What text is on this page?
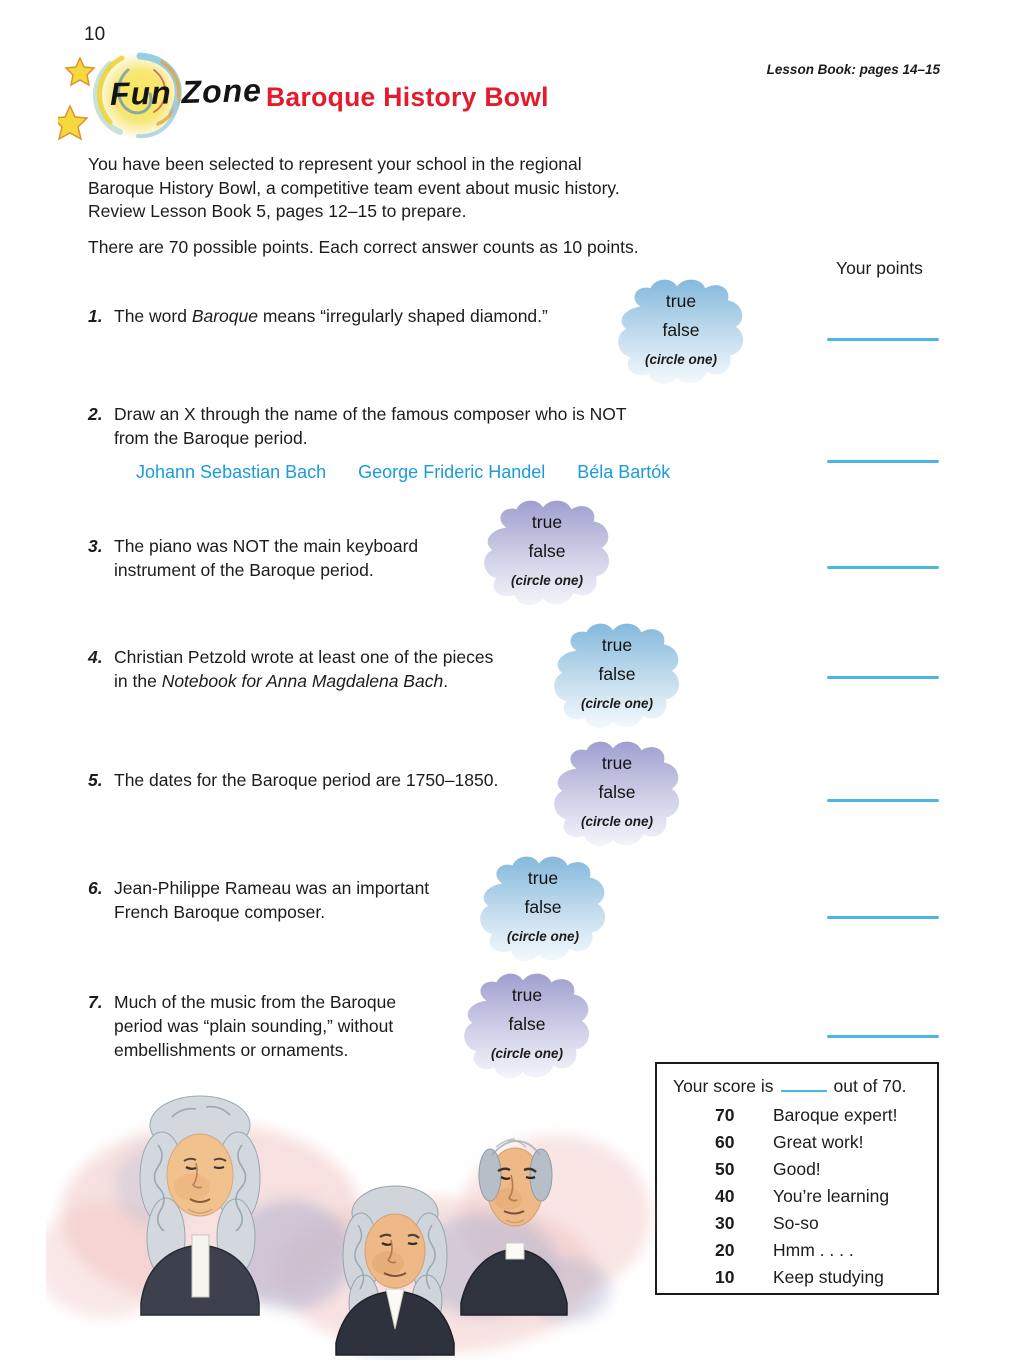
10
Lesson Book: pages 14–15
Fun Zone Baroque History Bowl
You have been selected to represent your school in the regional
Baroque History Bowl, a competitive team event about music history.
Review Lesson Book 5, pages 12–15 to prepare.
There are 70 possible points. Each correct answer counts as 10 points.
Your points
1. The word Baroque means “irregularly shaped diamond.”
2. Draw an X through the name of the famous composer who is NOT
from the Baroque period.
Johann Sebastian Bach George Frideric Handel Béla Bartók
3. The piano was NOT the main keyboard
instrument of the Baroque period.
4. Christian Petzold wrote at least one of the pieces
in the Notebook for Anna Magdalena Bach.
5. The dates for the Baroque period are 1750–1850.
6. Jean-Philippe Rameau was an important
French Baroque composer.
7. Much of the music from the Baroque
period was “plain sounding,” without
embellishments or ornaments.
true
false
(circle one)
true
false
(circle one)
true
false
(circle one)
true
false
(circle one)
true
false
(circle one)
true
false
(circle one)
Your score is	out of 70.
70	Baroque expert!
60	Great work!
50	Good!
40	You’re learning
30	So-so
20	Hmm . . . .
10	Keep studying
